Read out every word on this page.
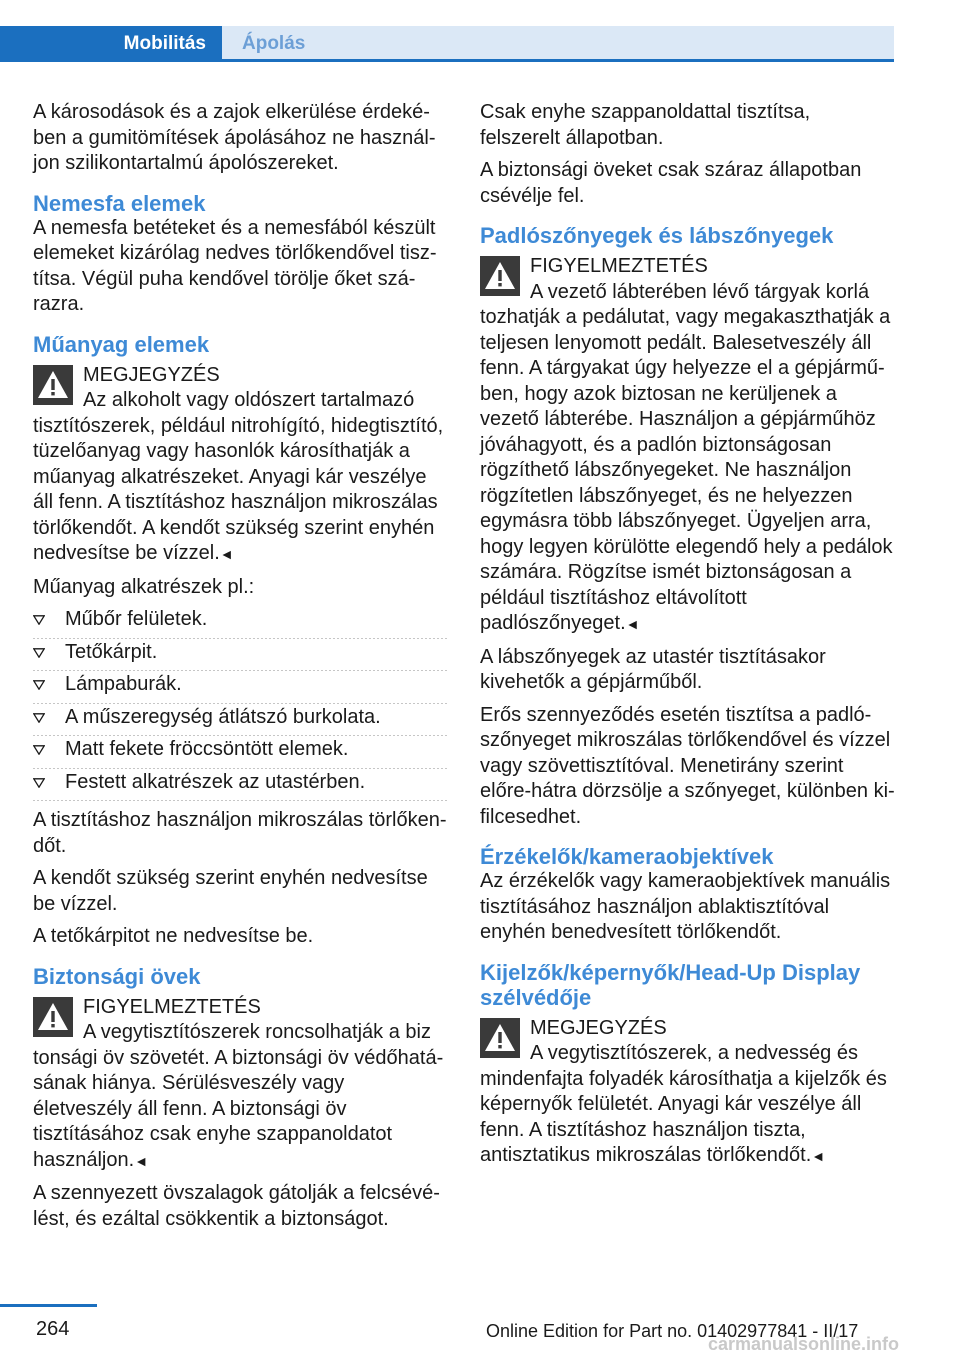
Mobilitás	Ápolás

A károsodások és a zajok elkerülése érdekében a gumitömítések ápolásához ne használjon szilikontartalmú ápolószereket.

Nemesfa elemek

A nemesfa betéteket és a nemesfából készült elemeket kizárólag nedves törlőkendővel tisztítsa. Végül puha kendővel törölje őket szárazra.

Műanyag elemek
MEGJEGYZÉS
Az alkoholt vagy oldószert tartalmazó
tisztítószerek, például nitrohígító, hidegtisztító, tüzelőanyag vagy hasonlók károsíthatják a műanyag alkatrészeket. Anyagi kár veszélye áll fenn. A tisztításhoz használjon mikroszálas törlőkendőt. A kendőt szükség szerint enyhén nedvesítse be vízzel.◄

Műanyag alkatrészek pl.:

Műbőr felületek.
Tetőkárpit.
Lámpaburák.
A műszeregység átlátszó burkolata.
Matt fekete fröccsöntött elemek.
Festett alkatrészek az utastérben.

A tisztításhoz használjon mikroszálas törlőkendőt.

A kendőt szükség szerint enyhén nedvesítse be vízzel.

A tetőkárpitot ne nedvesítse be.

Biztonsági övek
FIGYELMEZTETÉS
A vegytisztítószerek roncsolhatják a biz
tonsági öv szövetét. A biztonsági öv védőhatásának hiánya. Sérülésveszély vagy életveszély áll fenn. A biztonsági öv tisztításához csak enyhe szappanoldatot használjon.◄

A szennyezett övszalagok gátolják a felcsévélést, és ezáltal csökkentik a biztonságot.

Csak enyhe szappanoldattal tisztítsa, felszerelt állapotban.

A biztonsági öveket csak száraz állapotban csévélje fel.

Padlószőnyegek és lábszőnyegek
FIGYELMEZTETÉS
A vezető lábterében lévő tárgyak korlá
tozhatják a pedálutat, vagy megakaszthatják a teljesen lenyomott pedált. Balesetveszély áll fenn. A tárgyakat úgy helyezze el a gépjárműben, hogy azok biztosan ne kerüljenek a vezető lábterébe. Használjon a gépjárműhöz jóváhagyott, és a padlón biztonságosan rögzíthető lábszőnyegeket. Ne használjon rögzítetlen lábszőnyeget, és ne helyezzen egymásra több lábszőnyeget. Ügyeljen arra, hogy legyen körülötte elegendő hely a pedálok számára. Rögzítse ismét biztonságosan a például tisztításhoz eltávolított padlószőnyeget.◄

A lábszőnyegek az utastér tisztításakor kivehetők a gépjárműből.

Erős szennyeződés esetén tisztítsa a padlószőnyeget mikroszálas törlőkendővel és vízzel vagy szövettisztítóval. Menetirány szerint előre-hátra dörzsölje a szőnyeget, különben kifilcesedhet.

Érzékelők/kameraobjektívek

Az érzékelők vagy kameraobjektívek manuális tisztításához használjon ablaktisztítóval enyhén benedvesített törlőkendőt.

Kijelzők/képernyők/Head-Up Display szélvédője
MEGJEGYZÉS
A vegytisztítószerek, a nedvesség és
mindenfajta folyadék károsíthatja a kijelzők és képernyők felületét. Anyagi kár veszélye áll fenn. A tisztításhoz használjon tiszta, antisztatikus mikroszálas törlőkendőt.◄
264	Online Edition for Part no. 01402977841 - II/17
carmanualsonline.info
